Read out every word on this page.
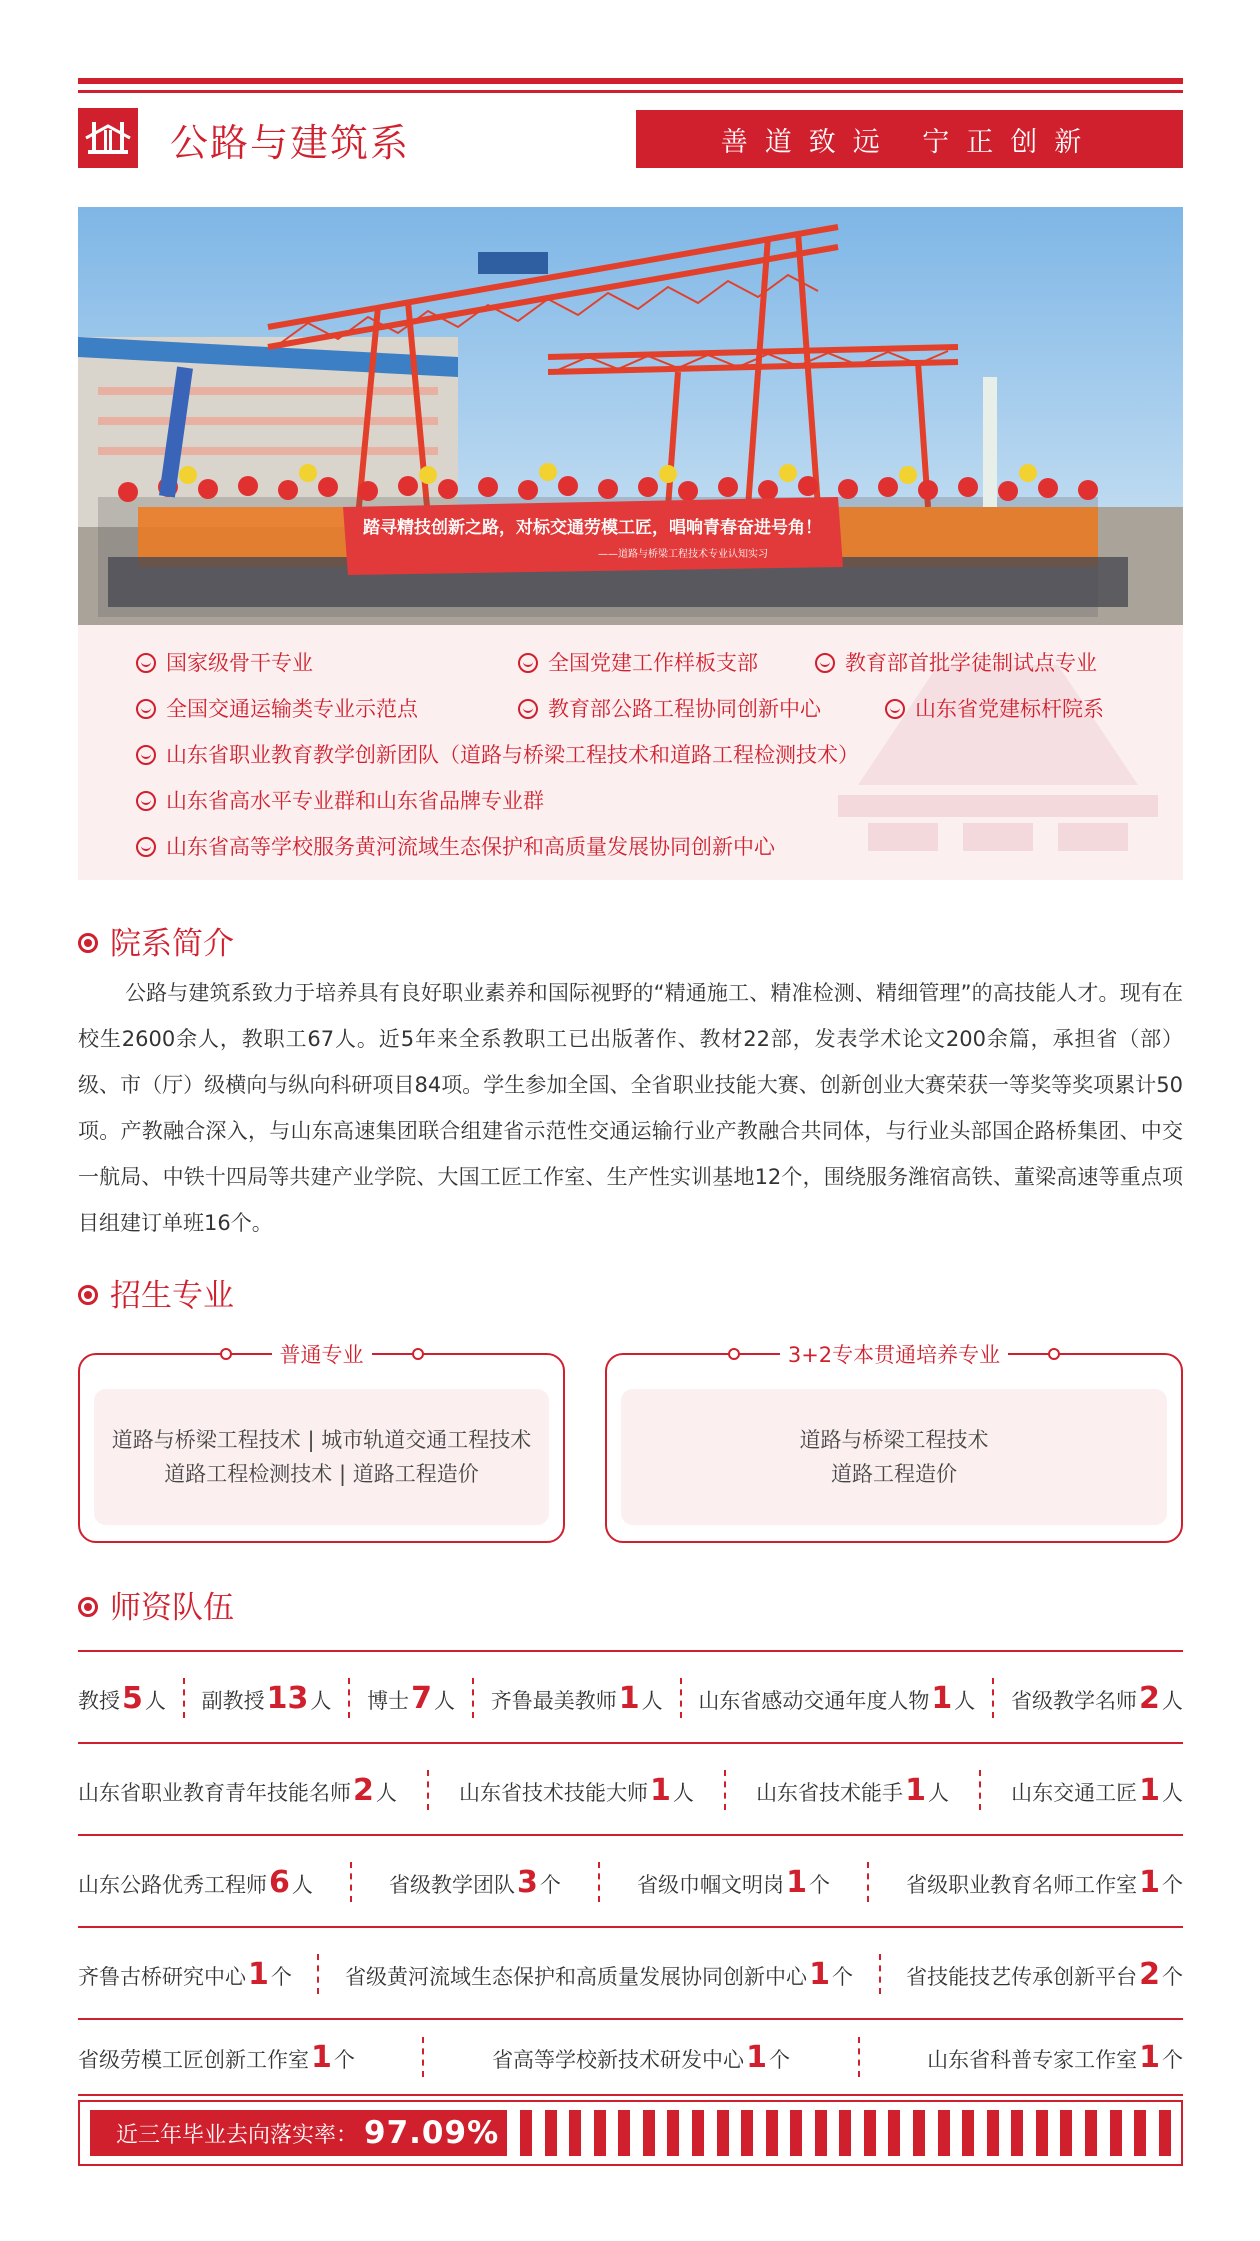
公路与建筑系	善道致远 宁正创新
踏寻精技创新之路，对标交通劳模工匠，唱响青春奋进号角！
——道路与桥梁工程技术专业认知实习
国家级骨干专业	全国党建工作样板支部	教育部首批学徒制试点专业
全国交通运输类专业示范点	教育部公路工程协同创新中心	山东省党建标杆院系
山东省职业教育教学创新团队（道路与桥梁工程技术和道路工程检测技术）
山东省高水平专业群和山东省品牌专业群
山东省高等学校服务黄河流域生态保护和高质量发展协同创新中心
院系简介
公路与建筑系致力于培养具有良好职业素养和国际视野的“精通施工、精准检测、精细管理”的高技能人才。现有在校生2600余人，教职工67人。近5年来全系教职工已出版著作、教材22部，发表学术论文200余篇，承担省（部）级、市（厅）级横向与纵向科研项目84项。学生参加全国、全省职业技能大赛、创新创业大赛荣获一等奖等奖项累计50项。产教融合深入，与山东高速集团联合组建省示范性交通运输行业产教融合共同体，与行业头部国企路桥集团、中交一航局、中铁十四局等共建产业学院、大国工匠工作室、生产性实训基地12个，围绕服务潍宿高铁、董梁高速等重点项目组建订单班16个。
招生专业
普通专业
道路与桥梁工程技术 | 城市轨道交通工程技术
道路工程检测技术 | 道路工程造价
3+2专本贯通培养专业
道路与桥梁工程技术
道路工程造价
师资队伍
教授 5 人 副教授 13 人 博士 7 人 齐鲁最美教师 1 人 山东省感动交通年度人物 1 人 省级教学名师 2 人
山东省职业教育青年技能名师 2 人	山东省技术技能大师 1 人	山东省技术能手 1 人	山东交通工匠 1 人
山东公路优秀工程师 6 人	省级教学团队 3 个	省级巾帼文明岗 1 个	省级职业教育名师工作室 1 个
齐鲁古桥研究中心 1 个	省级黄河流域生态保护和高质量发展协同创新中心 1 个	省技能技艺传承创新平台 2 个
省级劳模工匠创新工作室 1 个	省高等学校新技术研发中心 1 个	山东省科普专家工作室 1 个
近三年毕业去向落实率： 97.09%
